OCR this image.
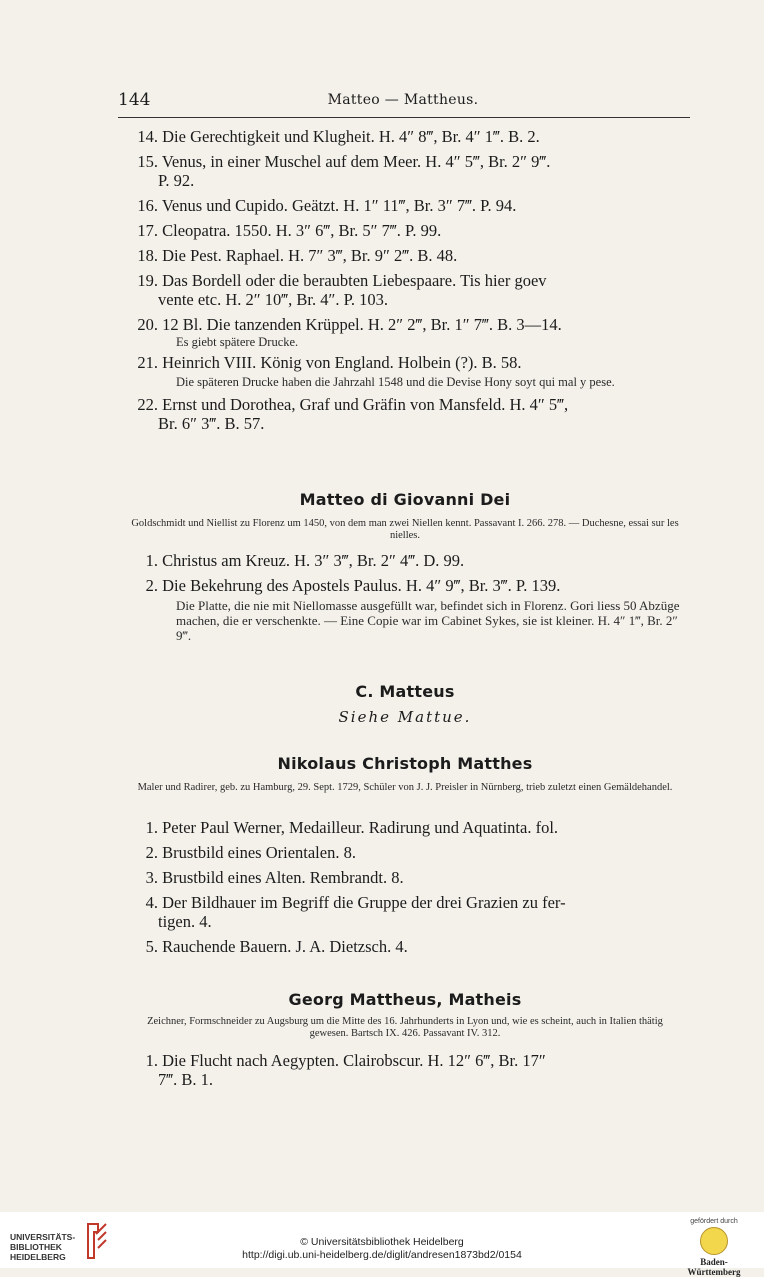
144	Matteo — Mattheus.

14. Die Gerechtigkeit und Klugheit. H. 4″ 8‴, Br. 4″ 1‴. B. 2.

15. Venus, in einer Muschel auf dem Meer. H. 4″ 5‴, Br. 2″ 9‴.
P. 92.

16. Venus und Cupido. Geätzt. H. 1″ 11‴, Br. 3″ 7‴. P. 94.

17. Cleopatra. 1550. H. 3″ 6‴, Br. 5″ 7‴. P. 99.

18. Die Pest. Raphael. H. 7″ 3‴, Br. 9″ 2‴. B. 48.

19. Das Bordell oder die beraubten Liebespaare. Tis hier goev
vente etc. H. 2″ 10‴, Br. 4″. P. 103.

20. 12 Bl. Die tanzenden Krüppel. H. 2″ 2‴, Br. 1″ 7‴. B. 3—14.

Es giebt spätere Drucke.

21. Heinrich VIII. König von England. Holbein (?). B. 58.

Die späteren Drucke haben die Jahrzahl 1548 und die Devise Hony soyt qui mal y pese.

22. Ernst und Dorothea, Graf und Gräfin von Mansfeld. H. 4″ 5‴,
Br. 6″ 3‴. B. 57.

Matteo di Giovanni Dei
Goldschmidt und Niellist zu Florenz um 1450, von dem man zwei Niellen kennt. Passavant I. 266. 278. — Duchesne, essai sur les nielles.

1. Christus am Kreuz. H. 3″ 3‴, Br. 2″ 4‴. D. 99.

2. Die Bekehrung des Apostels Paulus. H. 4″ 9‴, Br. 3‴. P. 139.

Die Platte, die nie mit Niellomasse ausgefüllt war, befindet sich in Florenz. Gori liess 50 Abzüge machen, die er verschenkte. — Eine Copie war im Cabinet Sykes, sie ist kleiner. H. 4″ 1‴, Br. 2″ 9‴.

C. Matteus
Siehe Mattue.
Nikolaus Christoph Matthes
Maler und Radirer, geb. zu Hamburg, 29. Sept. 1729, Schüler von J. J. Preisler in Nürnberg, trieb zuletzt einen Gemäldehandel.

1. Peter Paul Werner, Medailleur. Radirung und Aquatinta. fol.

2. Brustbild eines Orientalen. 8.

3. Brustbild eines Alten. Rembrandt. 8.

4. Der Bildhauer im Begriff die Gruppe der drei Grazien zu fer-
tigen. 4.

5. Rauchende Bauern. J. A. Dietzsch. 4.

Georg Mattheus, Matheis
Zeichner, Formschneider zu Augsburg um die Mitte des 16. Jahrhunderts in Lyon und, wie es scheint, auch in Italien thätig gewesen. Bartsch IX. 426. Passavant IV. 312.

1. Die Flucht nach Aegypten. Clairobscur. H. 12″ 6‴, Br. 17″
7‴. B. 1.

UNIVERSITÄTS-
BIBLIOTHEK
HEIDELBERG
© Universitätsbibliothek Heidelberg
http://digi.ub.uni-heidelberg.de/diglit/andresen1873bd2/0154
gefördert durch
Baden-Württemberg
